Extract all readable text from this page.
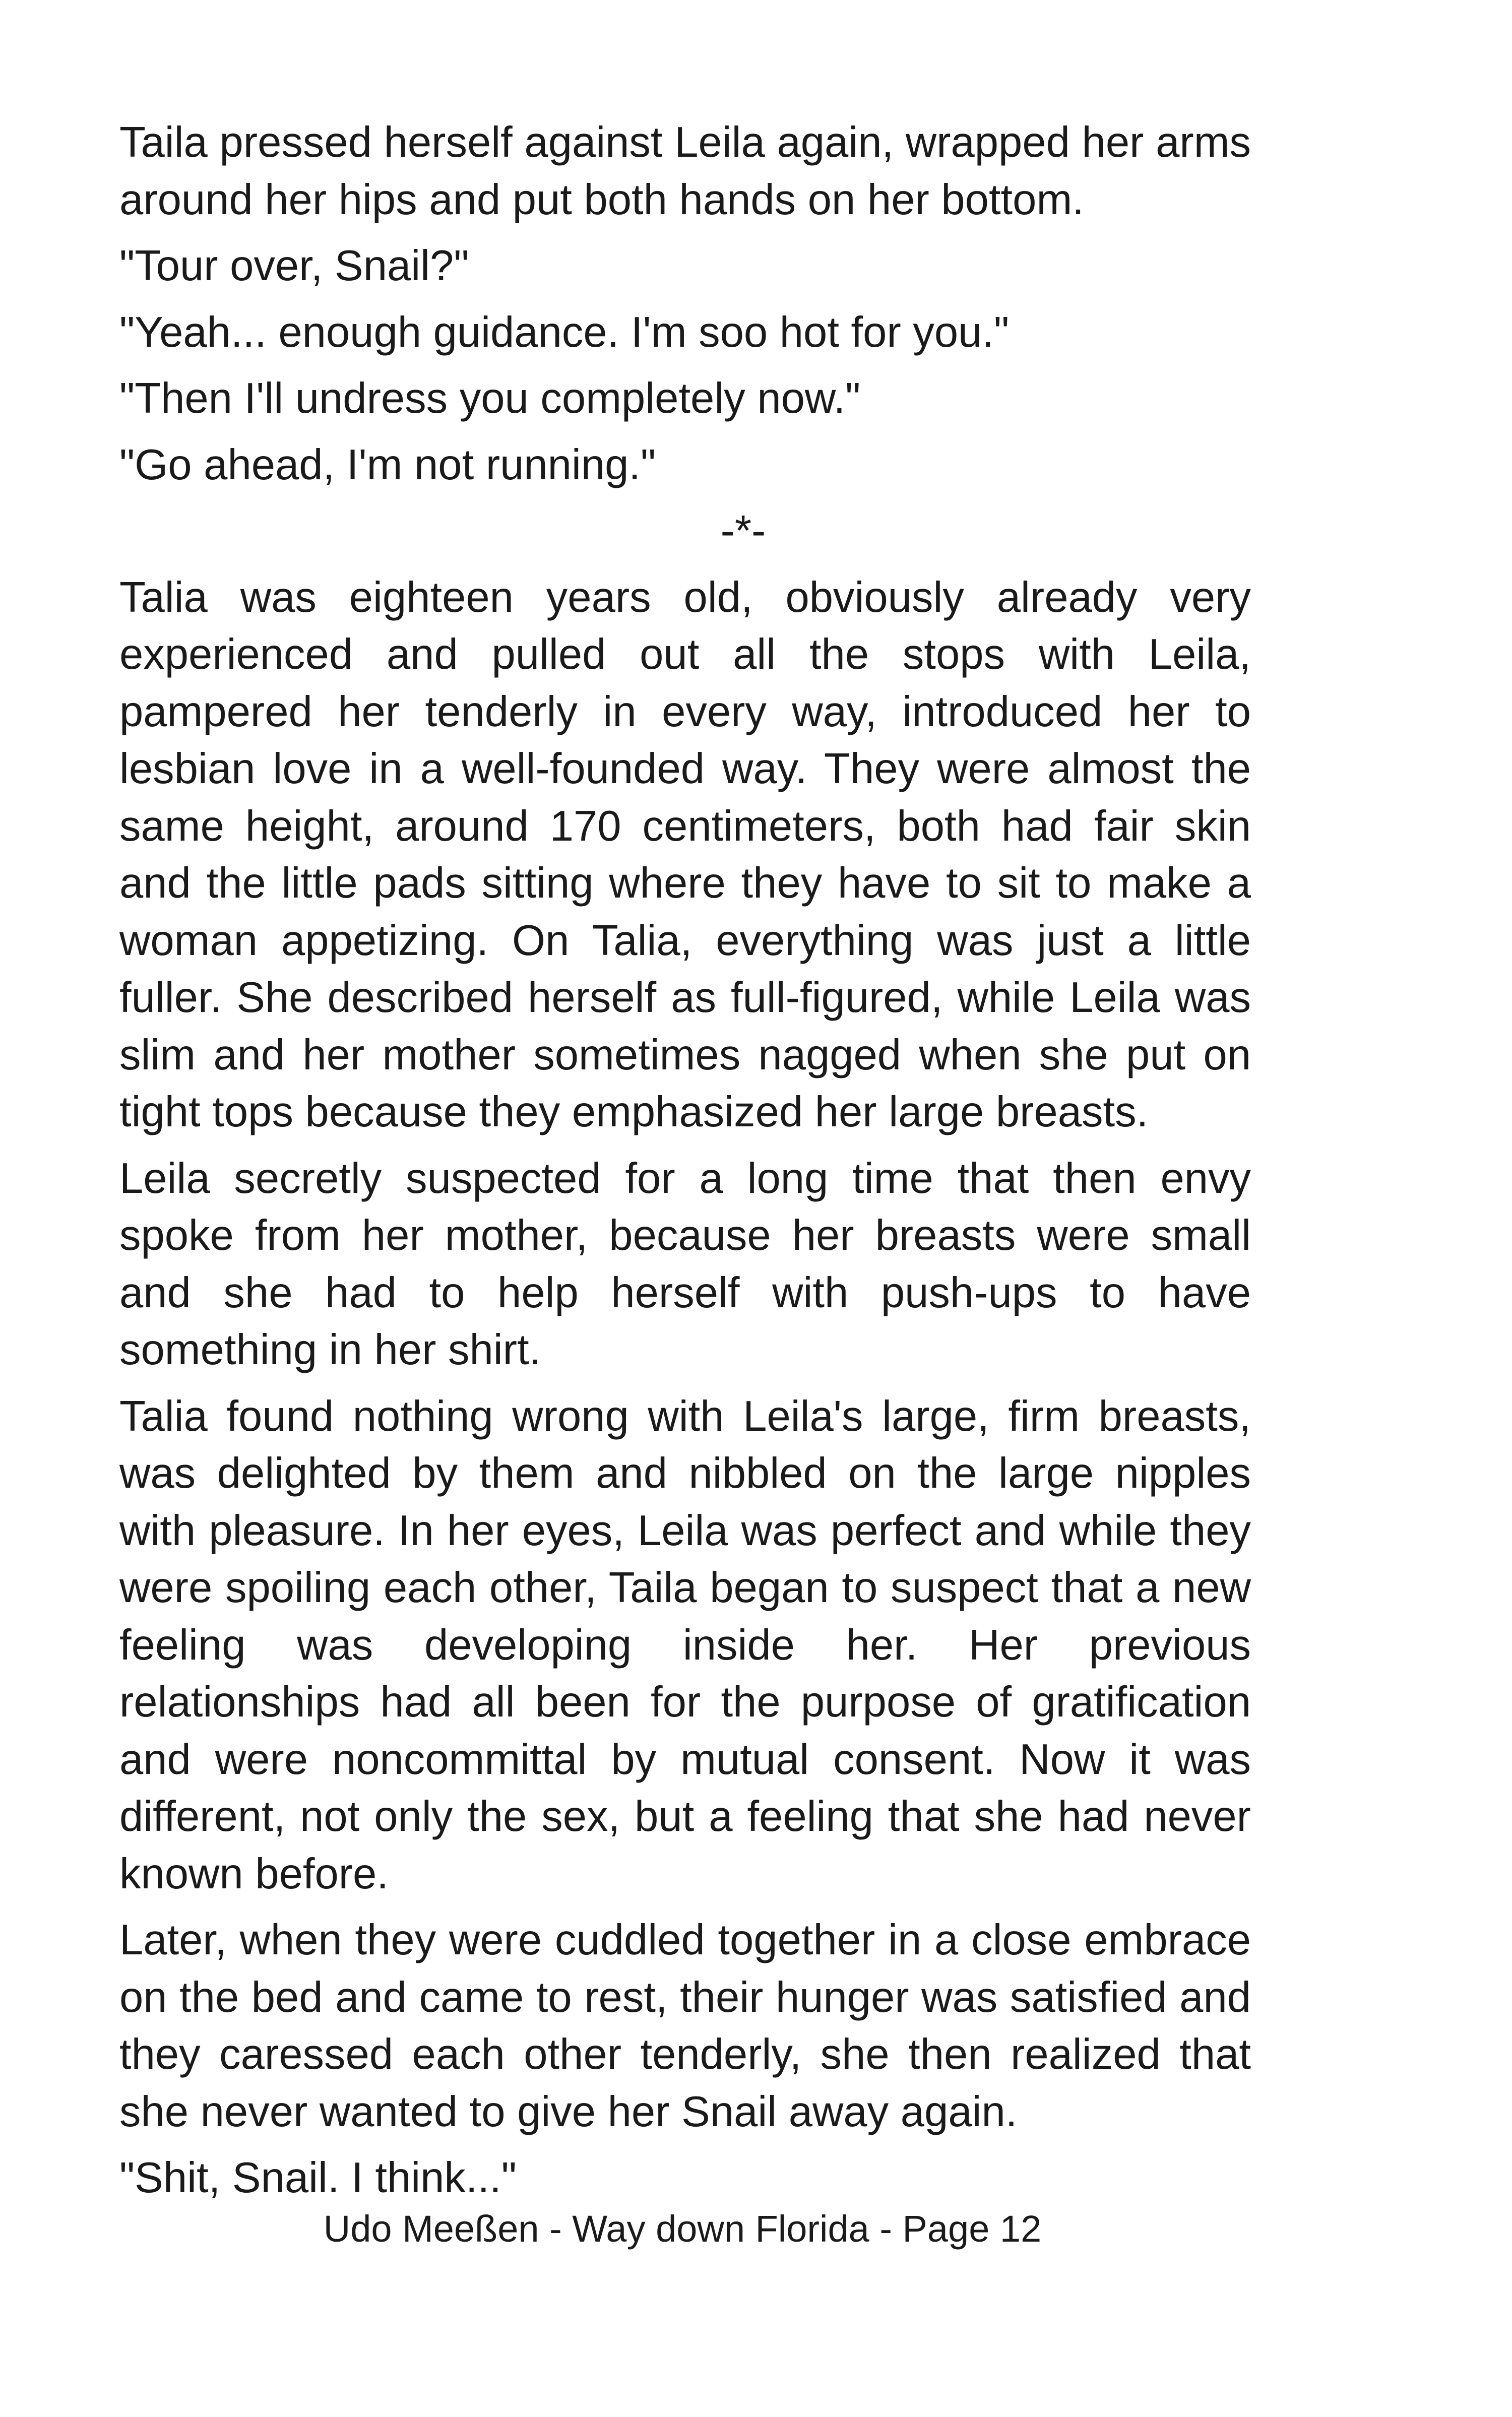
Taila pressed herself against Leila again, wrapped her arms around her hips and put both hands on her bottom.

"Tour over, Snail?"

"Yeah... enough guidance. I'm soo hot for you."

"Then I'll undress you completely now."

"Go ahead, I'm not running."

-*-

Talia was eighteen years old, obviously already very experienced and pulled out all the stops with Leila, pampered her tenderly in every way, introduced her to lesbian love in a well-founded way. They were almost the same height, around 170 centimeters, both had fair skin and the little pads sitting where they have to sit to make a woman appetizing. On Talia, everything was just a little fuller. She described herself as full-figured, while Leila was slim and her mother sometimes nagged when she put on tight tops because they emphasized her large breasts.

Leila secretly suspected for a long time that then envy spoke from her mother, because her breasts were small and she had to help herself with push-ups to have something in her shirt.

Talia found nothing wrong with Leila's large, firm breasts, was delighted by them and nibbled on the large nipples with pleasure. In her eyes, Leila was perfect and while they were spoiling each other, Taila began to suspect that a new feeling was developing inside her. Her previous relationships had all been for the purpose of gratification and were noncommittal by mutual consent. Now it was different, not only the sex, but a feeling that she had never known before.

Later, when they were cuddled together in a close embrace on the bed and came to rest, their hunger was satisfied and they caressed each other tenderly, she then realized that she never wanted to give her Snail away again.

"Shit, Snail. I think..."

Udo Meeßen - Way down Florida - Page 12
